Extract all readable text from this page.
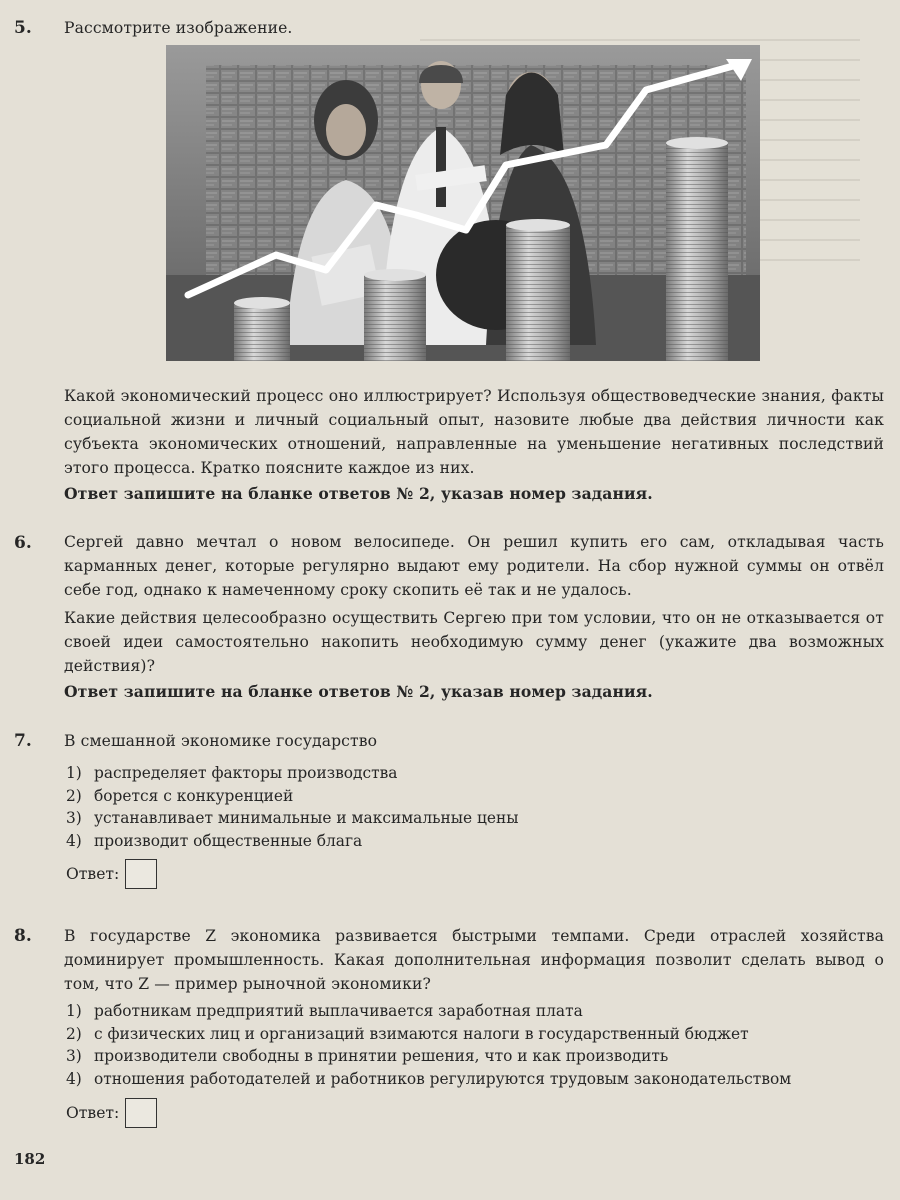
5. Рассмотрите изображение.

Какой экономический процесс оно иллюстрирует? Используя обществоведческие знания, факты социальной жизни и личный социальный опыт, назовите любые два действия личности как субъекта экономических отношений, направленные на уменьшение негативных последствий этого процесса. Кратко поясните каждое из них.

Ответ запишите на бланке ответов № 2, указав номер задания.

6. Сергей давно мечтал о новом велосипеде. Он решил купить его сам, откладывая часть карманных денег, которые регулярно выдают ему родители. На сбор нужной суммы он отвёл себе год, однако к намеченному сроку скопить её так и не удалось.

Какие действия целесообразно осуществить Сергею при том условии, что он не отказывается от своей идеи самостоятельно накопить необходимую сумму денег (укажите два возможных действия)?

Ответ запишите на бланке ответов № 2, указав номер задания.

7. В смешанной экономике государство

1) распределяет факторы производства
2) борется с конкуренцией
3) устанавливает минимальные и максимальные цены
4) производит общественные блага
Ответ:
8. В государстве Z экономика развивается быстрыми темпами. Среди отраслей хозяйства доминирует промышленность. Какая дополнительная информация позволит сделать вывод о том, что Z — пример рыночной экономики?

1) работникам предприятий выплачивается заработная плата
2) с физических лиц и организаций взимаются налоги в государственный бюджет
3) производители свободны в принятии решения, что и как производить
4) отношения работодателей и работников регулируются трудовым законодательством
Ответ:
182
